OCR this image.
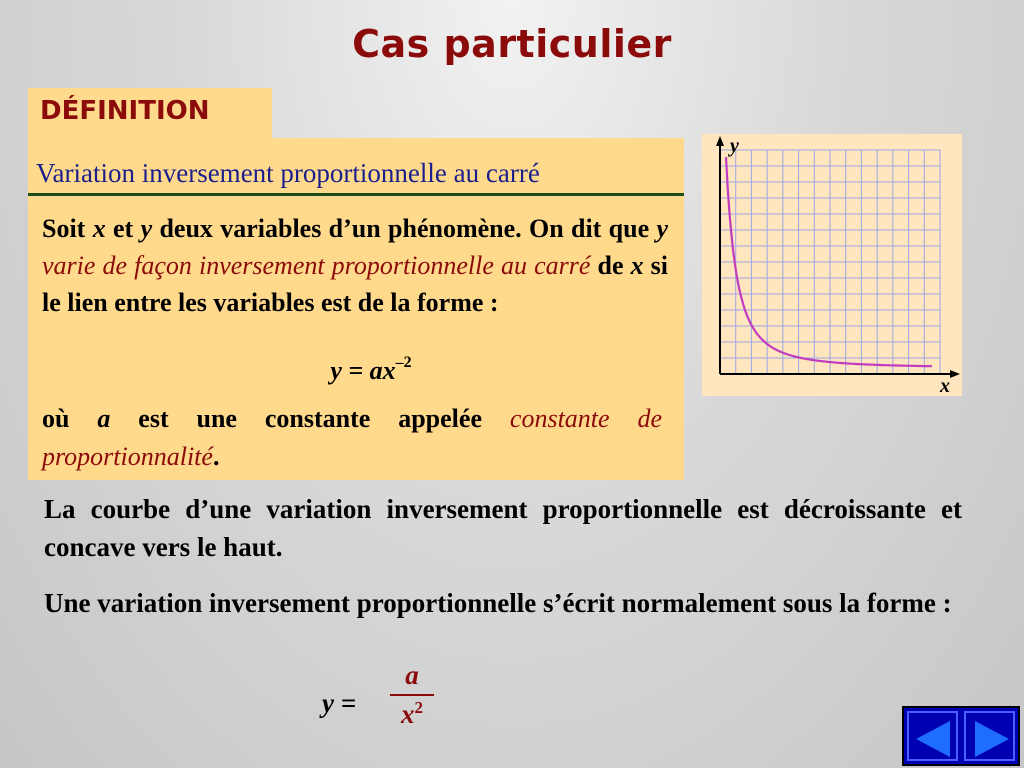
Cas particulier
DÉFINITION
Variation inversement proportionnelle au carré
Soit x et y deux variables d’un phénomène. On dit que y varie de façon inversement proportionnelle au carré de x si le lien entre les variables est de la forme :
$y = ax^{-2}$
où a est une constante appelée constante de proportionnalité.
y
x
La courbe d’une variation inversement proportionnelle est décroissante et concave vers le haut.
Une variation inversement proportionnelle s’écrit normalement sous la forme :
y =
a
$x^2$
